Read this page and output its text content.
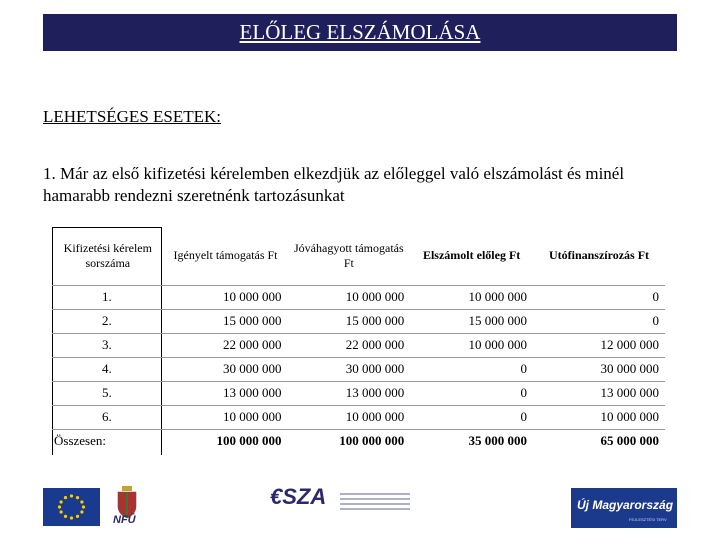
ELŐLEG ELSZÁMOLÁSA
LEHETSÉGES ESETEK:
1. Már az első kifizetési kérelemben elkezdjük az előleggel való elszámolást és minél hamarabb rendezni szeretnénk tartozásunkat
Kifizetési kérelem sorszáma	Igényelt támogatás Ft	Jóváhagyott támogatás Ft	Elszámolt előleg Ft	Utófinanszírozás Ft
1.	10 000 000	10 000 000	10 000 000	0
2.	15 000 000	15 000 000	15 000 000	0
3.	22 000 000	22 000 000	10 000 000	12 000 000
4.	30 000 000	30 000 000	0	30 000 000
5.	13 000 000	13 000 000	0	13 000 000
6.	10 000 000	10 000 000	0	10 000 000
Összesen:	100 000 000	100 000 000	35 000 000	65 000 000
NFÜ
€SZA	Új Magyarország
FEJLESZTÉSI TERV
